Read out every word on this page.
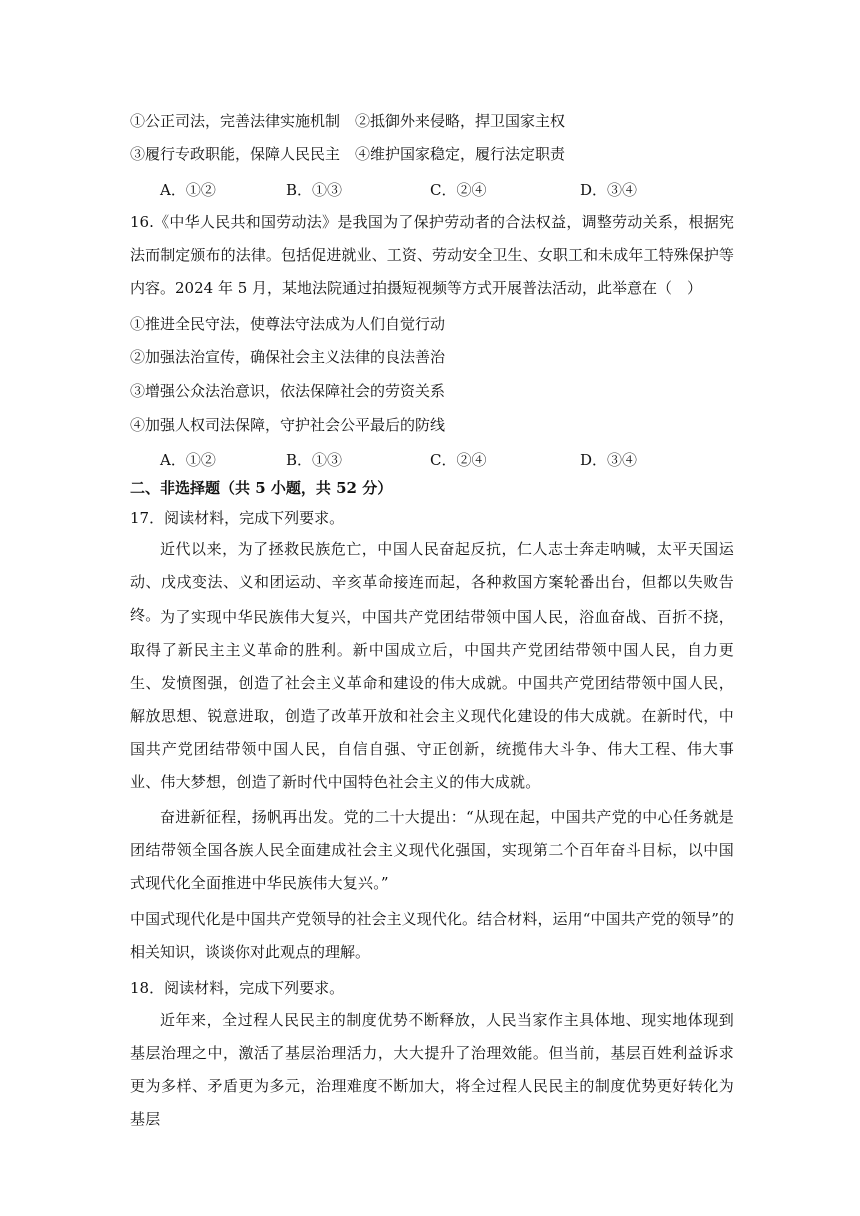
①公正司法，完善法律实施机制　②抵御外来侵略，捍卫国家主权
③履行专政职能，保障人民民主　④维护国家稳定，履行法定职责
A．①②	B．①③	C．②④	D．③④
16.《中华人民共和国劳动法》是我国为了保护劳动者的合法权益，调整劳动关系，根据宪法而制定颁布的法律。包括促进就业、工资、劳动安全卫生、女职工和未成年工特殊保护等内容。2024 年 5 月，某地法院通过拍摄短视频等方式开展普法活动，此举意在（　）
①推进全民守法，使尊法守法成为人们自觉行动
②加强法治宣传，确保社会主义法律的良法善治
③增强公众法治意识，依法保障社会的劳资关系
④加强人权司法保障，守护社会公平最后的防线
A．①②	B．①③	C．②④	D．③④
二、非选择题（共 5 小题，共 52 分）
17．阅读材料，完成下列要求。
近代以来，为了拯救民族危亡，中国人民奋起反抗，仁人志士奔走呐喊，太平天国运动、戊戌变法、义和团运动、辛亥革命接连而起，各种救国方案轮番出台，但都以失败告终。 为了实现中华民族伟大复兴，中国共产党团结带领中国人民，浴血奋战、百折不挠，取得了新民主主义革命的胜利。新中国成立后，中国共产党团结带领中国人民，自力更生、发愤图强，创造了社会主义革命和建设的伟大成就。中国共产党团结带领中国人民，解放思想、锐意进取，创造了改革开放和社会主义现代化建设的伟大成就。在新时代，中国共产党团结带领中国人民，自信自强、守正创新，统揽伟大斗争、伟大工程、伟大事业、伟大梦想，创造了新时代中国特色社会主义的伟大成就。
奋进新征程，扬帆再出发。党的二十大提出：“从现在起，中国共产党的中心任务就是团结带领全国各族人民全面建成社会主义现代化强国，实现第二个百年奋斗目标，以中国式现代化全面推进中华民族伟大复兴。”
中国式现代化是中国共产党领导的社会主义现代化。结合材料，运用“中国共产党的领导”的相关知识，谈谈你对此观点的理解。
18．阅读材料，完成下列要求。
近年来，全过程人民民主的制度优势不断释放，人民当家作主具体地、现实地体现到基层治理之中，激活了基层治理活力，大大提升了治理效能。但当前，基层百姓利益诉求更为多样、矛盾更为多元，治理难度不断加大，将全过程人民民主的制度优势更好转化为基层
